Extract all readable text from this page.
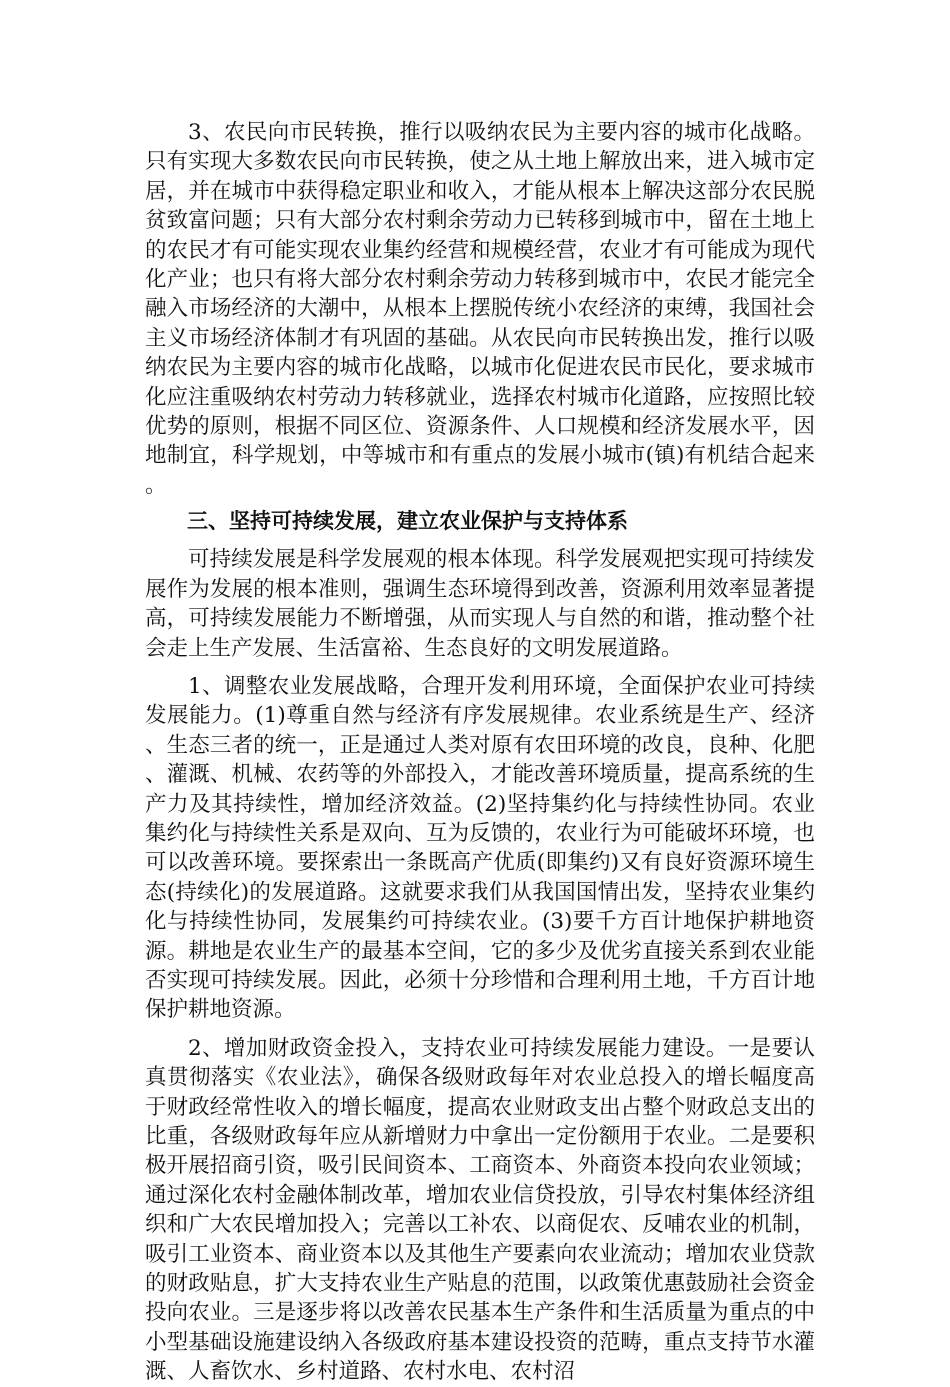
3、农民向市民转换，推行以吸纳农民为主要内容的城市化战略。只有实现大多数农民向市民转换，使之从土地上解放出来，进入城市定居，并在城市中获得稳定职业和收入，才能从根本上解决这部分农民脱贫致富问题；只有大部分农村剩余劳动力已转移到城市中，留在土地上的农民才有可能实现农业集约经营和规模经营，农业才有可能成为现代化产业；也只有将大部分农村剩余劳动力转移到城市中，农民才能完全融入市场经济的大潮中，从根本上摆脱传统小农经济的束缚，我国社会主义市场经济体制才有巩固的基础。从农民向市民转换出发，推行以吸纳农民为主要内容的城市化战略，以城市化促进农民市民化，要求城市化应注重吸纳农村劳动力转移就业，选择农村城市化道路，应按照比较优势的原则，根据不同区位、资源条件、人口规模和经济发展水平，因地制宜，科学规划，中等城市和有重点的发展小城市(镇)有机结合起来。

三、坚持可持续发展，建立农业保护与支持体系

可持续发展是科学发展观的根本体现。科学发展观把实现可持续发展作为发展的根本准则，强调生态环境得到改善，资源利用效率显著提高，可持续发展能力不断增强，从而实现人与自然的和谐，推动整个社会走上生产发展、生活富裕、生态良好的文明发展道路。

1、调整农业发展战略，合理开发利用环境，全面保护农业可持续发展能力。(1)尊重自然与经济有序发展规律。农业系统是生产、经济、生态三者的统一，正是通过人类对原有农田环境的改良，良种、化肥、灌溉、机械、农药等的外部投入，才能改善环境质量，提高系统的生产力及其持续性，增加经济效益。(2)坚持集约化与持续性协同。农业集约化与持续性关系是双向、互为反馈的，农业行为可能破坏环境，也可以改善环境。要探索出一条既高产优质(即集约)又有良好资源环境生态(持续化)的发展道路。这就要求我们从我国国情出发，坚持农业集约化与持续性协同，发展集约可持续农业。(3)要千方百计地保护耕地资源。耕地是农业生产的最基本空间，它的多少及优劣直接关系到农业能否实现可持续发展。因此，必须十分珍惜和合理利用土地，千方百计地保护耕地资源。

2、增加财政资金投入，支持农业可持续发展能力建设。一是要认真贯彻落实《农业法》，确保各级财政每年对农业总投入的增长幅度高于财政经常性收入的增长幅度，提高农业财政支出占整个财政总支出的比重，各级财政每年应从新增财力中拿出一定份额用于农业。二是要积极开展招商引资，吸引民间资本、工商资本、外商资本投向农业领域；通过深化农村金融体制改革，增加农业信贷投放，引导农村集体经济组织和广大农民增加投入；完善以工补农、以商促农、反哺农业的机制，吸引工业资本、商业资本以及其他生产要素向农业流动；增加农业贷款的财政贴息，扩大支持农业生产贴息的范围，以政策优惠鼓励社会资金投向农业。三是逐步将以改善农民基本生产条件和生活质量为重点的中小型基础设施建设纳入各级政府基本建设投资的范畴，重点支持节水灌溉、人畜饮水、乡村道路、农村水电、农村沼
